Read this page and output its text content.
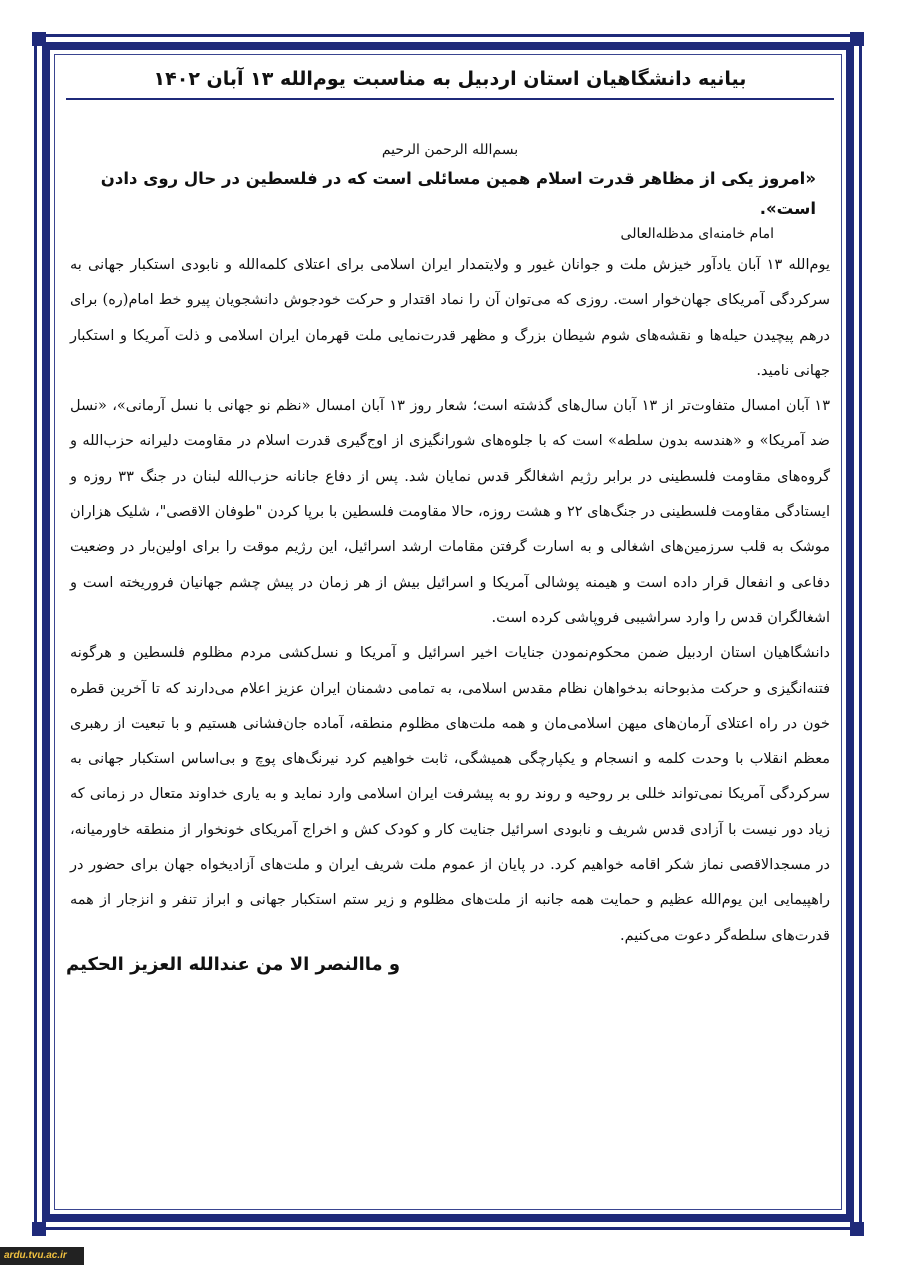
بیانیه دانشگاهیان استان اردبیل به مناسبت یوم‌الله ۱۳ آبان ۱۴۰۲
بسم‌الله الرحمن الرحیم

«امروز یکی از مظاهر قدرت اسلام همین مسائلی است که در فلسطین در حال روی دادن است».

امام خامنه‌ای مدظله‌العالی

یوم‌الله ۱۳ آبان یادآور خیزش ملت و جوانان غیور و ولایتمدار ایران اسلامی برای اعتلای کلمه‌الله و نابودی استکبار جهانی به سرکردگی آمریکای جهان‌خوار است. روزی که می‌توان آن را نماد اقتدار و حرکت خودجوش دانشجویان پیرو خط امام(ره) برای درهم پیچیدن حیله‌ها و نقشه‌های شوم شیطان بزرگ و مظهر قدرت‌نمایی ملت قهرمان ایران اسلامی و ذلت آمریکا و استکبار جهانی نامید.

۱۳ آبان امسال متفاوت‌تر از ۱۳ آبان سال‌های گذشته است؛ شعار روز ۱۳ آبان امسال «نظم نو جهانی با نسل آرمانی»، «نسل ضد آمریکا» و «هندسه بدون سلطه» است که با جلوه‌های شورانگیزی از اوج‌گیری قدرت اسلام در مقاومت دلیرانه حزب‌الله و گروه‌های مقاومت فلسطینی در برابر رژیم اشغالگر قدس نمایان شد. پس از دفاع جانانه حزب‌الله لبنان در جنگ ۳۳ روزه و ایستادگی مقاومت فلسطینی در جنگ‌های ۲۲ و هشت روزه، حالا مقاومت فلسطین با برپا کردن "طوفان الاقصی"، شلیک هزاران موشک به قلب سرزمین‌های اشغالی و به اسارت گرفتن مقامات ارشد اسرائیل، این رژیم موقت را برای اولین‌بار در وضعیت دفاعی و انفعال قرار داده است و هیمنه پوشالی آمریکا و اسرائیل بیش از هر زمان در پیش چشم جهانیان فروریخته است و اشغالگران قدس را وارد سراشیبی فروپاشی کرده است.

دانشگاهیان استان اردبیل ضمن محکوم‌نمودن جنایات اخیر اسرائیل و آمریکا و نسل‌کشی مردم مظلوم فلسطین و هرگونه فتنه‌انگیزی و حرکت مذبوحانه بدخواهان نظام مقدس اسلامی، به تمامی دشمنان ایران عزیز اعلام می‌دارند که تا آخرین قطره خون در راه اعتلای آرمان‌های میهن اسلامی‌مان و همه ملت‌های مظلوم منطقه، آماده جان‌فشانی هستیم و با تبعیت از رهبری معظم انقلاب با وحدت کلمه و انسجام و یکپارچگی همیشگی، ثابت خواهیم کرد نیرنگ‌های پوچ و بی‌اساس استکبار جهانی به سرکردگی آمریکا نمی‌تواند خللی بر روحیه و روند رو به پیشرفت ایران اسلامی وارد نماید و به یاری خداوند متعال در زمانی که زیاد دور نیست با آزادی قدس شریف و نابودی اسرائیل جنایت کار و کودک کش و اخراج آمریکای خونخوار از منطقه خاورمیانه، در مسجدالاقصی نماز شکر اقامه خواهیم کرد. در پایان از عموم ملت شریف ایران و ملت‌های آزادیخواه جهان برای حضور در راهپیمایی این یوم‌الله عظیم و حمایت همه جانبه از ملت‌های مظلوم و زیر ستم استکبار جهانی و ابراز تنفر و انزجار از همه قدرت‌های سلطه‌گر دعوت می‌کنیم.

و ماالنصر الا من عندالله العزیز الحکیم
ardu.tvu.ac.ir
